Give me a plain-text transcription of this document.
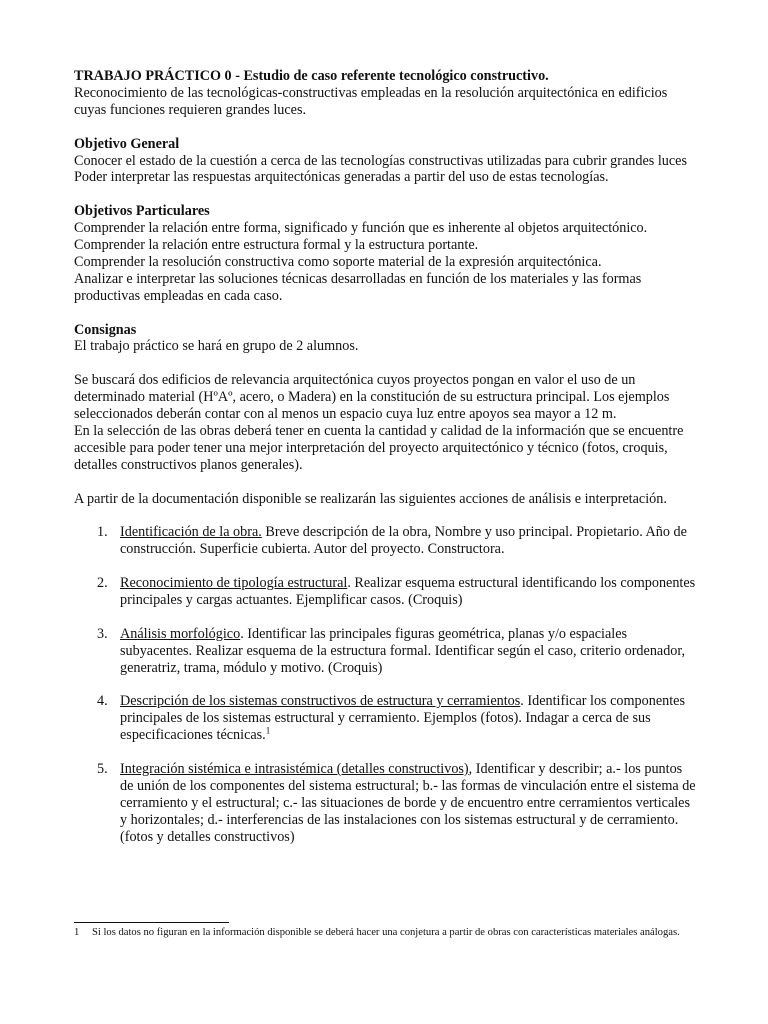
TRABAJO PRÁCTICO 0 - Estudio de caso referente tecnológico constructivo.

Reconocimiento de las tecnológicas-constructivas empleadas en la resolución arquitectónica en edificios cuyas funciones requieren grandes luces.

Objetivo General

Conocer el estado de la cuestión a cerca de las tecnologías constructivas utilizadas para cubrir grandes luces

Poder interpretar las respuestas arquitectónicas generadas a partir del uso de estas tecnologías.

Objetivos Particulares

Comprender la relación entre forma, significado y función que es inherente al objetos arquitectónico.

Comprender la relación entre estructura formal y la estructura portante.

Comprender la resolución constructiva como soporte material de la expresión arquitectónica.

Analizar e interpretar las soluciones técnicas desarrolladas en función de los materiales y las formas productivas empleadas en cada caso.

Consignas

El trabajo práctico se hará en grupo de 2 alumnos.

Se buscará dos edificios de relevancia arquitectónica cuyos proyectos pongan en valor el uso de un determinado material (HºAº, acero, o Madera) en la constitución de su estructura principal. Los ejemplos seleccionados deberán contar con al menos un espacio cuya luz entre apoyos sea mayor a 12 m.

En la selección de las obras deberá tener en cuenta la cantidad y calidad de la información que se encuentre accesible para poder tener una mejor interpretación del proyecto arquitectónico y técnico (fotos, croquis, detalles constructivos planos generales).

A partir de la documentación disponible se realizarán las siguientes acciones de análisis e interpretación.

1. Identificación de la obra. Breve descripción de la obra, Nombre y uso principal. Propietario. Año de construcción. Superficie cubierta. Autor del proyecto. Constructora.
2. Reconocimiento de tipología estructural. Realizar esquema estructural identificando los componentes principales y cargas actuantes. Ejemplificar casos. (Croquis)
3. Análisis morfológico. Identificar las principales figuras geométrica, planas y/o espaciales subyacentes. Realizar esquema de la estructura formal. Identificar según el caso, criterio ordenador, generatriz, trama, módulo y motivo. (Croquis)
4. Descripción de los sistemas constructivos de estructura y cerramientos. Identificar los componentes principales de los sistemas estructural y cerramiento. Ejemplos (fotos). Indagar a cerca de sus especificaciones técnicas.$^1$
5. Integración sistémica e intrasistémica (detalles constructivos), Identificar y describir; a.- los puntos de unión de los componentes del sistema estructural; b.- las formas de vinculación entre el sistema de cerramiento y el estructural; c.- las situaciones de borde y de encuentro entre cerramientos verticales y horizontales; d.- interferencias de las instalaciones con los sistemas estructural y de cerramiento.(fotos y detalles constructivos)
1	Si los datos no figuran en la información disponible se deberá hacer una conjetura a partir de obras con características materiales análogas.
